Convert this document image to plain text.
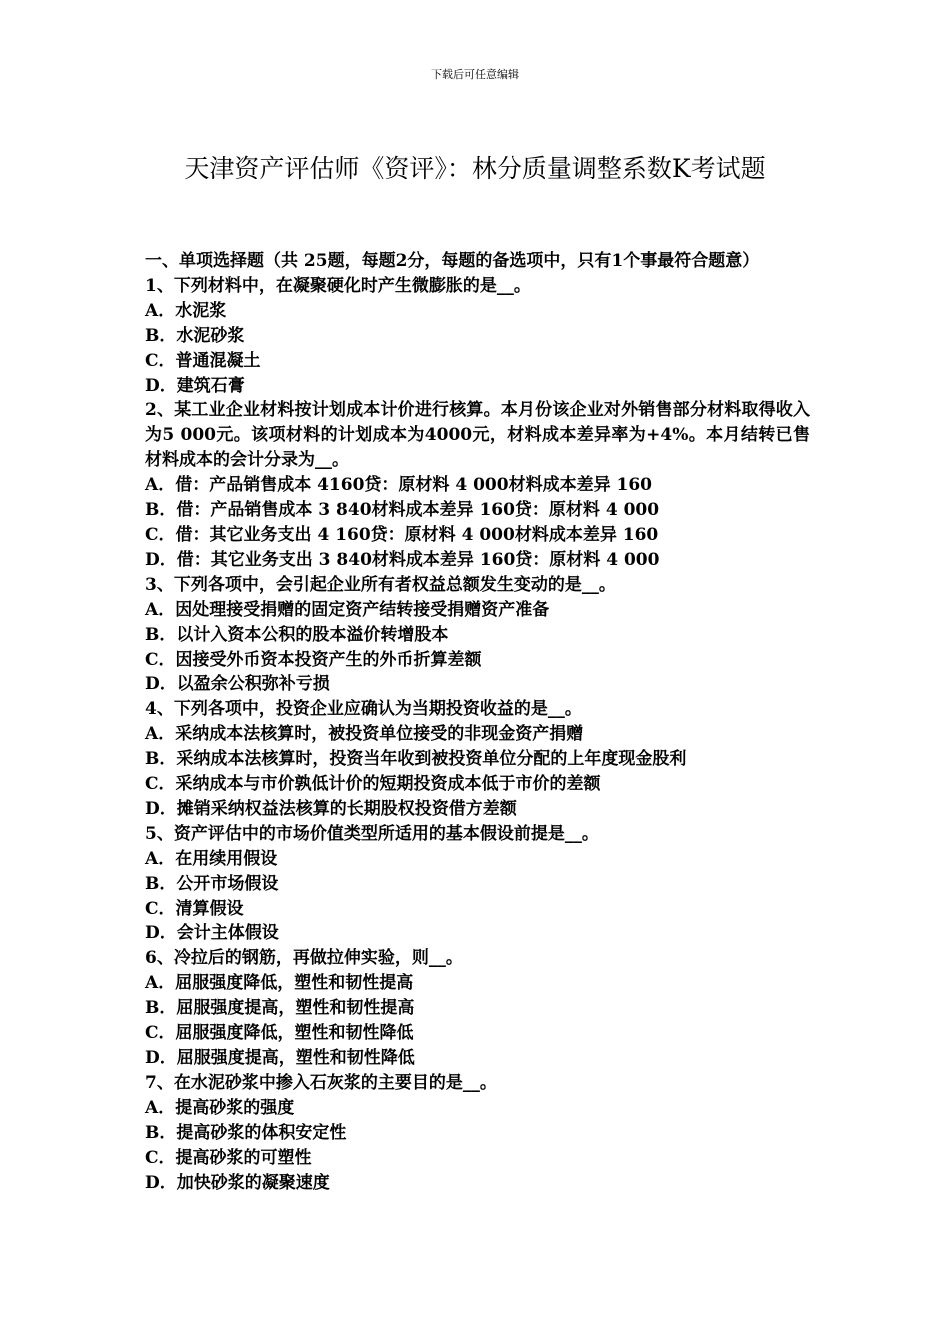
下载后可任意编辑
天津资产评估师《资评》：林分质量调整系数K考试题

一、单项选择题（共 25题，每题2分，每题的备选项中，只有1个事最符合题意）

1、下列材料中，在凝聚硬化时产生微膨胀的是__。

A．水泥浆

B．水泥砂浆

C．普通混凝土

D．建筑石膏

2、某工业企业材料按计划成本计价进行核算。本月份该企业对外销售部分材料取得收入为5 000元。该项材料的计划成本为4000元，材料成本差异率为+4%。本月结转已售材料成本的会计分录为__。

A．借：产品销售成本 4160贷：原材料 4 000材料成本差异 160

B．借：产品销售成本 3 840材料成本差异 160贷：原材料 4 000

C．借：其它业务支出 4 160贷：原材料 4 000材料成本差异 160

D．借：其它业务支出 3 840材料成本差异 160贷：原材料 4 000

3、下列各项中，会引起企业所有者权益总额发生变动的是__。

A．因处理接受捐赠的固定资产结转接受捐赠资产准备

B．以计入资本公积的股本溢价转增股本

C．因接受外币资本投资产生的外币折算差额

D．以盈余公积弥补亏损

4、下列各项中，投资企业应确认为当期投资收益的是__。

A．采纳成本法核算时，被投资单位接受的非现金资产捐赠

B．采纳成本法核算时，投资当年收到被投资单位分配的上年度现金股利

C．采纳成本与市价孰低计价的短期投资成本低于市价的差额

D．摊销采纳权益法核算的长期股权投资借方差额

5、资产评估中的市场价值类型所适用的基本假设前提是__。

A．在用续用假设

B．公开市场假设

C．清算假设

D．会计主体假设

6、冷拉后的钢筋，再做拉伸实验，则__。

A．屈服强度降低，塑性和韧性提高

B．屈服强度提高，塑性和韧性提高

C．屈服强度降低，塑性和韧性降低

D．屈服强度提高，塑性和韧性降低

7、在水泥砂浆中掺入石灰浆的主要目的是__。

A．提高砂浆的强度

B．提高砂浆的体积安定性

C．提高砂浆的可塑性

D．加快砂浆的凝聚速度
